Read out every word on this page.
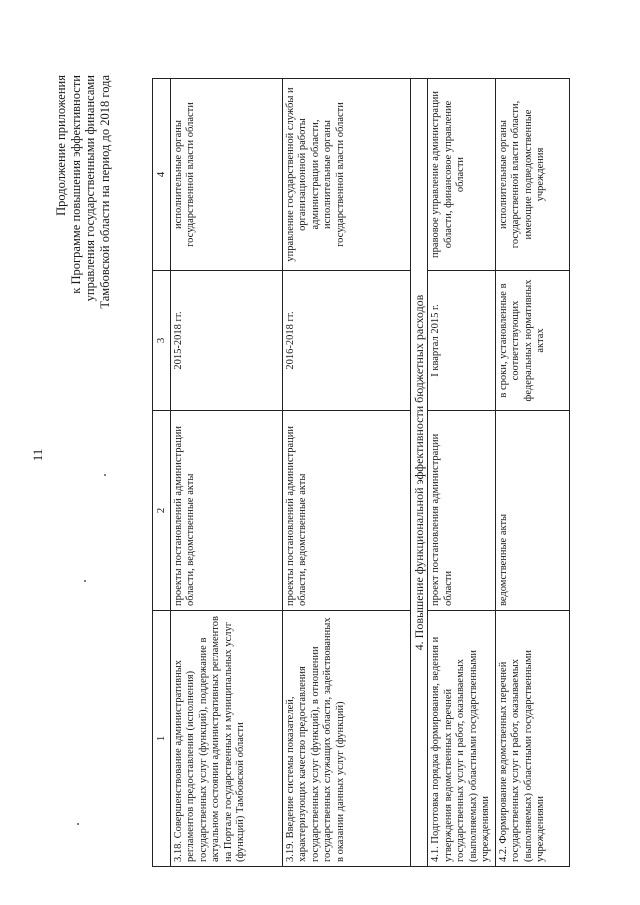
11
Продолжение приложения к Программе повышения эффективности управления государственными финансами Тамбовской области на период до 2018 года
1	2	3	4
3.18. Совершенствование административных регламентов предоставления (исполнения) государственных услуг (функций), поддержание в актуальном состоянии административных регламентов на Портале государственных и муниципальных услуг (функций) Тамбовской области	проекты постановлений администрации области, ведомственные акты	2015-2018 гг.	исполнительные органы государственной власти области
3.19. Введение системы показателей, характеризующих качество предоставления государственных услуг (функций), в отношении государственных служащих области, задействованных в оказании данных услуг (функций)	проекты постановлений администрации области, ведомственные акты	2016-2018 гг.	управление государственной службы и организационной работы администрации области, исполнительные органы государственной власти области
4. Повышение функциональной эффективности бюджетных расходов			
4.1. Подготовка порядка формирования, ведения и утверждения ведомственных перечней государственных услуг и работ, оказываемых (выполняемых) областными государственными учреждениями	проект постановления администрации области	I квартал 2015 г.	правовое управление администрации области, финансовое управление области
4.2. Формирование ведомственных перечней государственных услуг и работ, оказываемых (выполняемых) областными государственными учреждениями	ведомственные акты	в сроки, установленные в соответствующих федеральных нормативных актах	исполнительные органы государственной власти области, имеющие подведомственные учреждения
